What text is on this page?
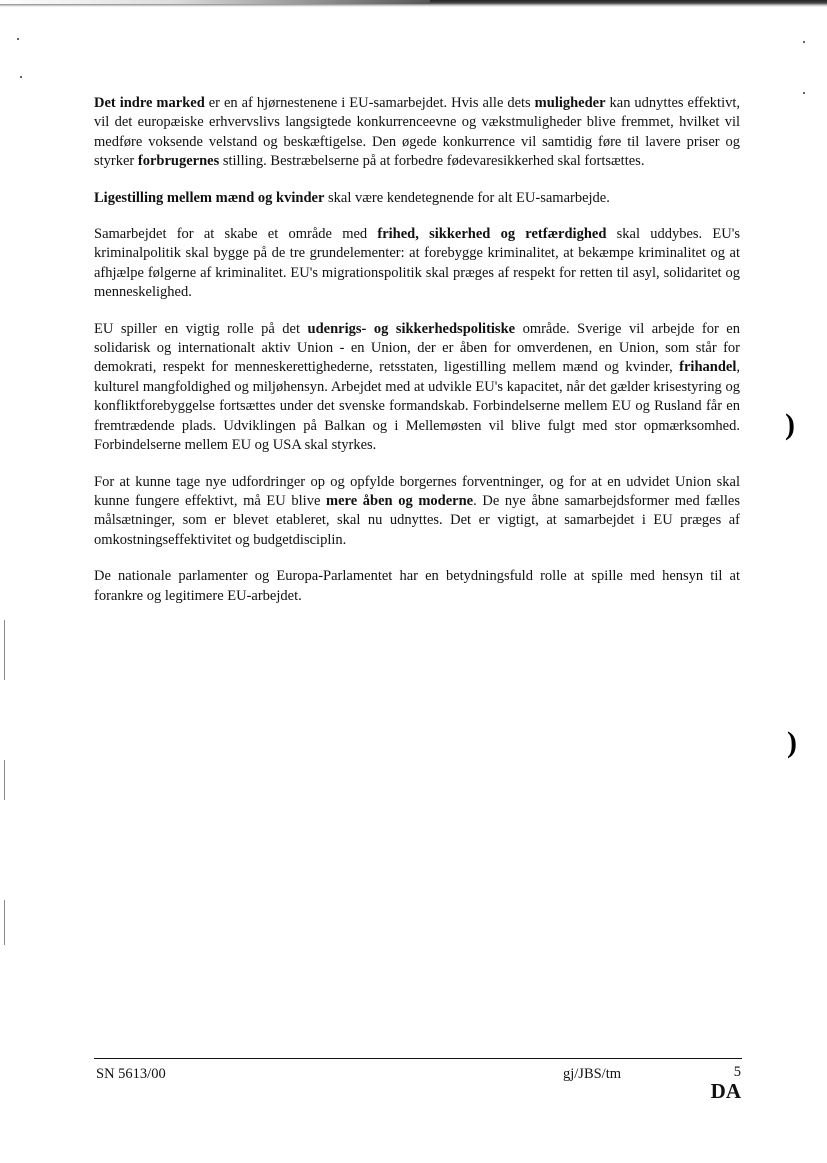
)
)

Det indre marked er en af hjørnestenene i EU-samarbejdet. Hvis alle dets muligheder kan udnyttes effektivt, vil det europæiske erhvervslivs langsigtede konkurrenceevne og vækstmuligheder blive fremmet, hvilket vil medføre voksende velstand og beskæftigelse. Den øgede konkurrence vil samtidig føre til lavere priser og styrker forbrugernes stilling. Bestræbelserne på at forbedre fødevaresikkerhed skal fortsættes.

Ligestilling mellem mænd og kvinder skal være kendetegnende for alt EU-samarbejde.

Samarbejdet for at skabe et område med frihed, sikkerhed og retfærdighed skal uddybes. EU's kriminalpolitik skal bygge på de tre grundelementer: at forebygge kriminalitet, at bekæmpe kriminalitet og at afhjælpe følgerne af kriminalitet. EU's migrationspolitik skal præges af respekt for retten til asyl, solidaritet og menneskelighed.

EU spiller en vigtig rolle på det udenrigs- og sikkerhedspolitiske område. Sverige vil arbejde for en solidarisk og internationalt aktiv Union - en Union, der er åben for omverdenen, en Union, som står for demokrati, respekt for menneskerettighederne, retsstaten, ligestilling mellem mænd og kvinder, frihandel, kulturel mangfoldighed og miljøhensyn. Arbejdet med at udvikle EU's kapacitet, når det gælder krisestyring og konfliktforebyggelse fortsættes under det svenske formandskab. Forbindelserne mellem EU og Rusland får en fremtrædende plads. Udviklingen på Balkan og i Mellemøsten vil blive fulgt med stor opmærksomhed. Forbindelserne mellem EU og USA skal styrkes.

For at kunne tage nye udfordringer op og opfylde borgernes forventninger, og for at en udvidet Union skal kunne fungere effektivt, må EU blive mere åben og moderne. De nye åbne samarbejdsformer med fælles målsætninger, som er blevet etableret, skal nu udnyttes. Det er vigtigt, at samarbejdet i EU præges af omkostningseffektivitet og budgetdisciplin.

De nationale parlamenter og Europa-Parlamentet har en betydningsfuld rolle at spille med hensyn til at forankre og legitimere EU-arbejdet.

SN 5613/00	gj/JBS/tm	5
DA
